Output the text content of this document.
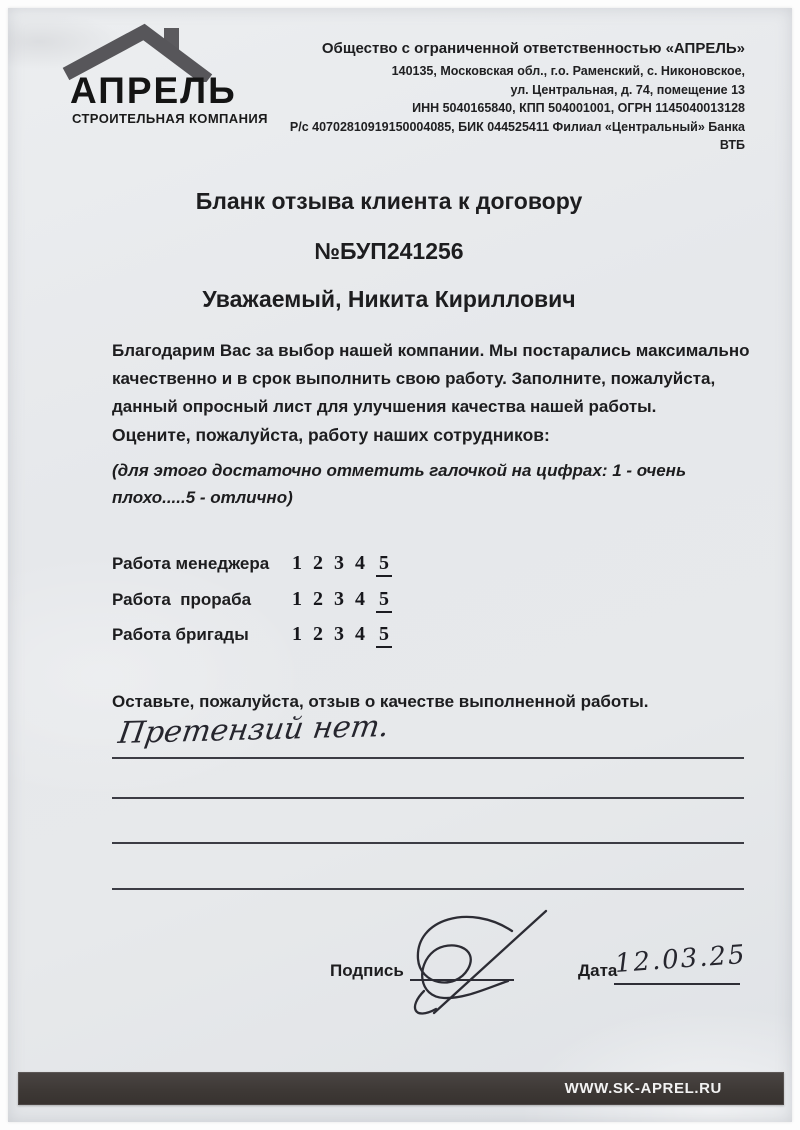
АПРЕЛЬ
СТРОИТЕЛЬНАЯ КОМПАНИЯ
Общество с ограниченной ответственностью «АПРЕЛЬ»
140135, Московская обл., г.о. Раменский, с. Никоновское,
ул. Центральная, д. 74, помещение 13
ИНН 5040165840, КПП 504001001, ОГРН 1145040013128
Р/с 40702810919150004085, БИК 044525411 Филиал «Центральный» Банка ВТБ
Бланк отзыва клиента к договору
№БУП241256
Уважаемый, Никита Кириллович
Благодарим Вас за выбор нашей компании. Мы постарались максимально
качественно и в срок выполнить свою работу. Заполните, пожалуйста,
данный опросный лист для улучшения качества нашей работы.
Оцените, пожалуйста, работу наших сотрудников:
(для этого достаточно отметить галочкой на цифрах: 1 - очень
плохо.....5 - отлично)
Работа менеджера 1 2 3 4 5
Работа  прораба 1 2 3 4 5
Работа бригады 1 2 3 4 5
Оставьте, пожалуйста, отзыв о качестве выполненной работы.
Претензий нет.
Подпись	Дата
12.03.25
WWW.SK-APREL.RU
